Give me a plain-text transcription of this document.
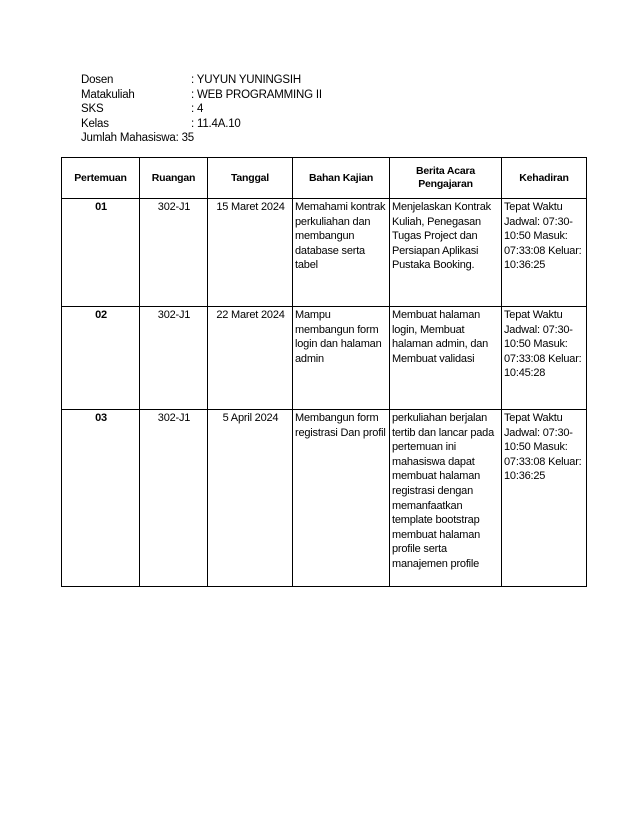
Dosen	: YUYUN YUNINGSIH
Matakuliah	: WEB PROGRAMMING II
SKS	: 4
Kelas	: 11.4A.10
Jumlah Mahasiswa : 35
Pertemuan	Ruangan	Tanggal	Bahan Kajian	Berita Acara Pengajaran	Kehadiran
01	302-J1	15 Maret 2024	Memahami kontrak perkuliahan dan membangun database serta tabel	Menjelaskan Kontrak Kuliah, Penegasan Tugas Project dan Persiapan Aplikasi Pustaka Booking.	Tepat Waktu Jadwal: 07:30-10:50 Masuk: 07:33:08 Keluar: 10:36:25
02	302-J1	22 Maret 2024	Mampu membangun form login dan halaman admin	Membuat halaman login, Membuat halaman admin, dan Membuat validasi	Tepat Waktu Jadwal: 07:30-10:50 Masuk: 07:33:08 Keluar: 10:45:28
03	302-J1	5 April 2024	Membangun form registrasi Dan profil	perkuliahan berjalan tertib dan lancar pada pertemuan ini mahasiswa dapat membuat halaman registrasi dengan memanfaatkan template bootstrap membuat halaman profile serta manajemen profile	Tepat Waktu Jadwal: 07:30-10:50 Masuk: 07:33:08 Keluar: 10:36:25
